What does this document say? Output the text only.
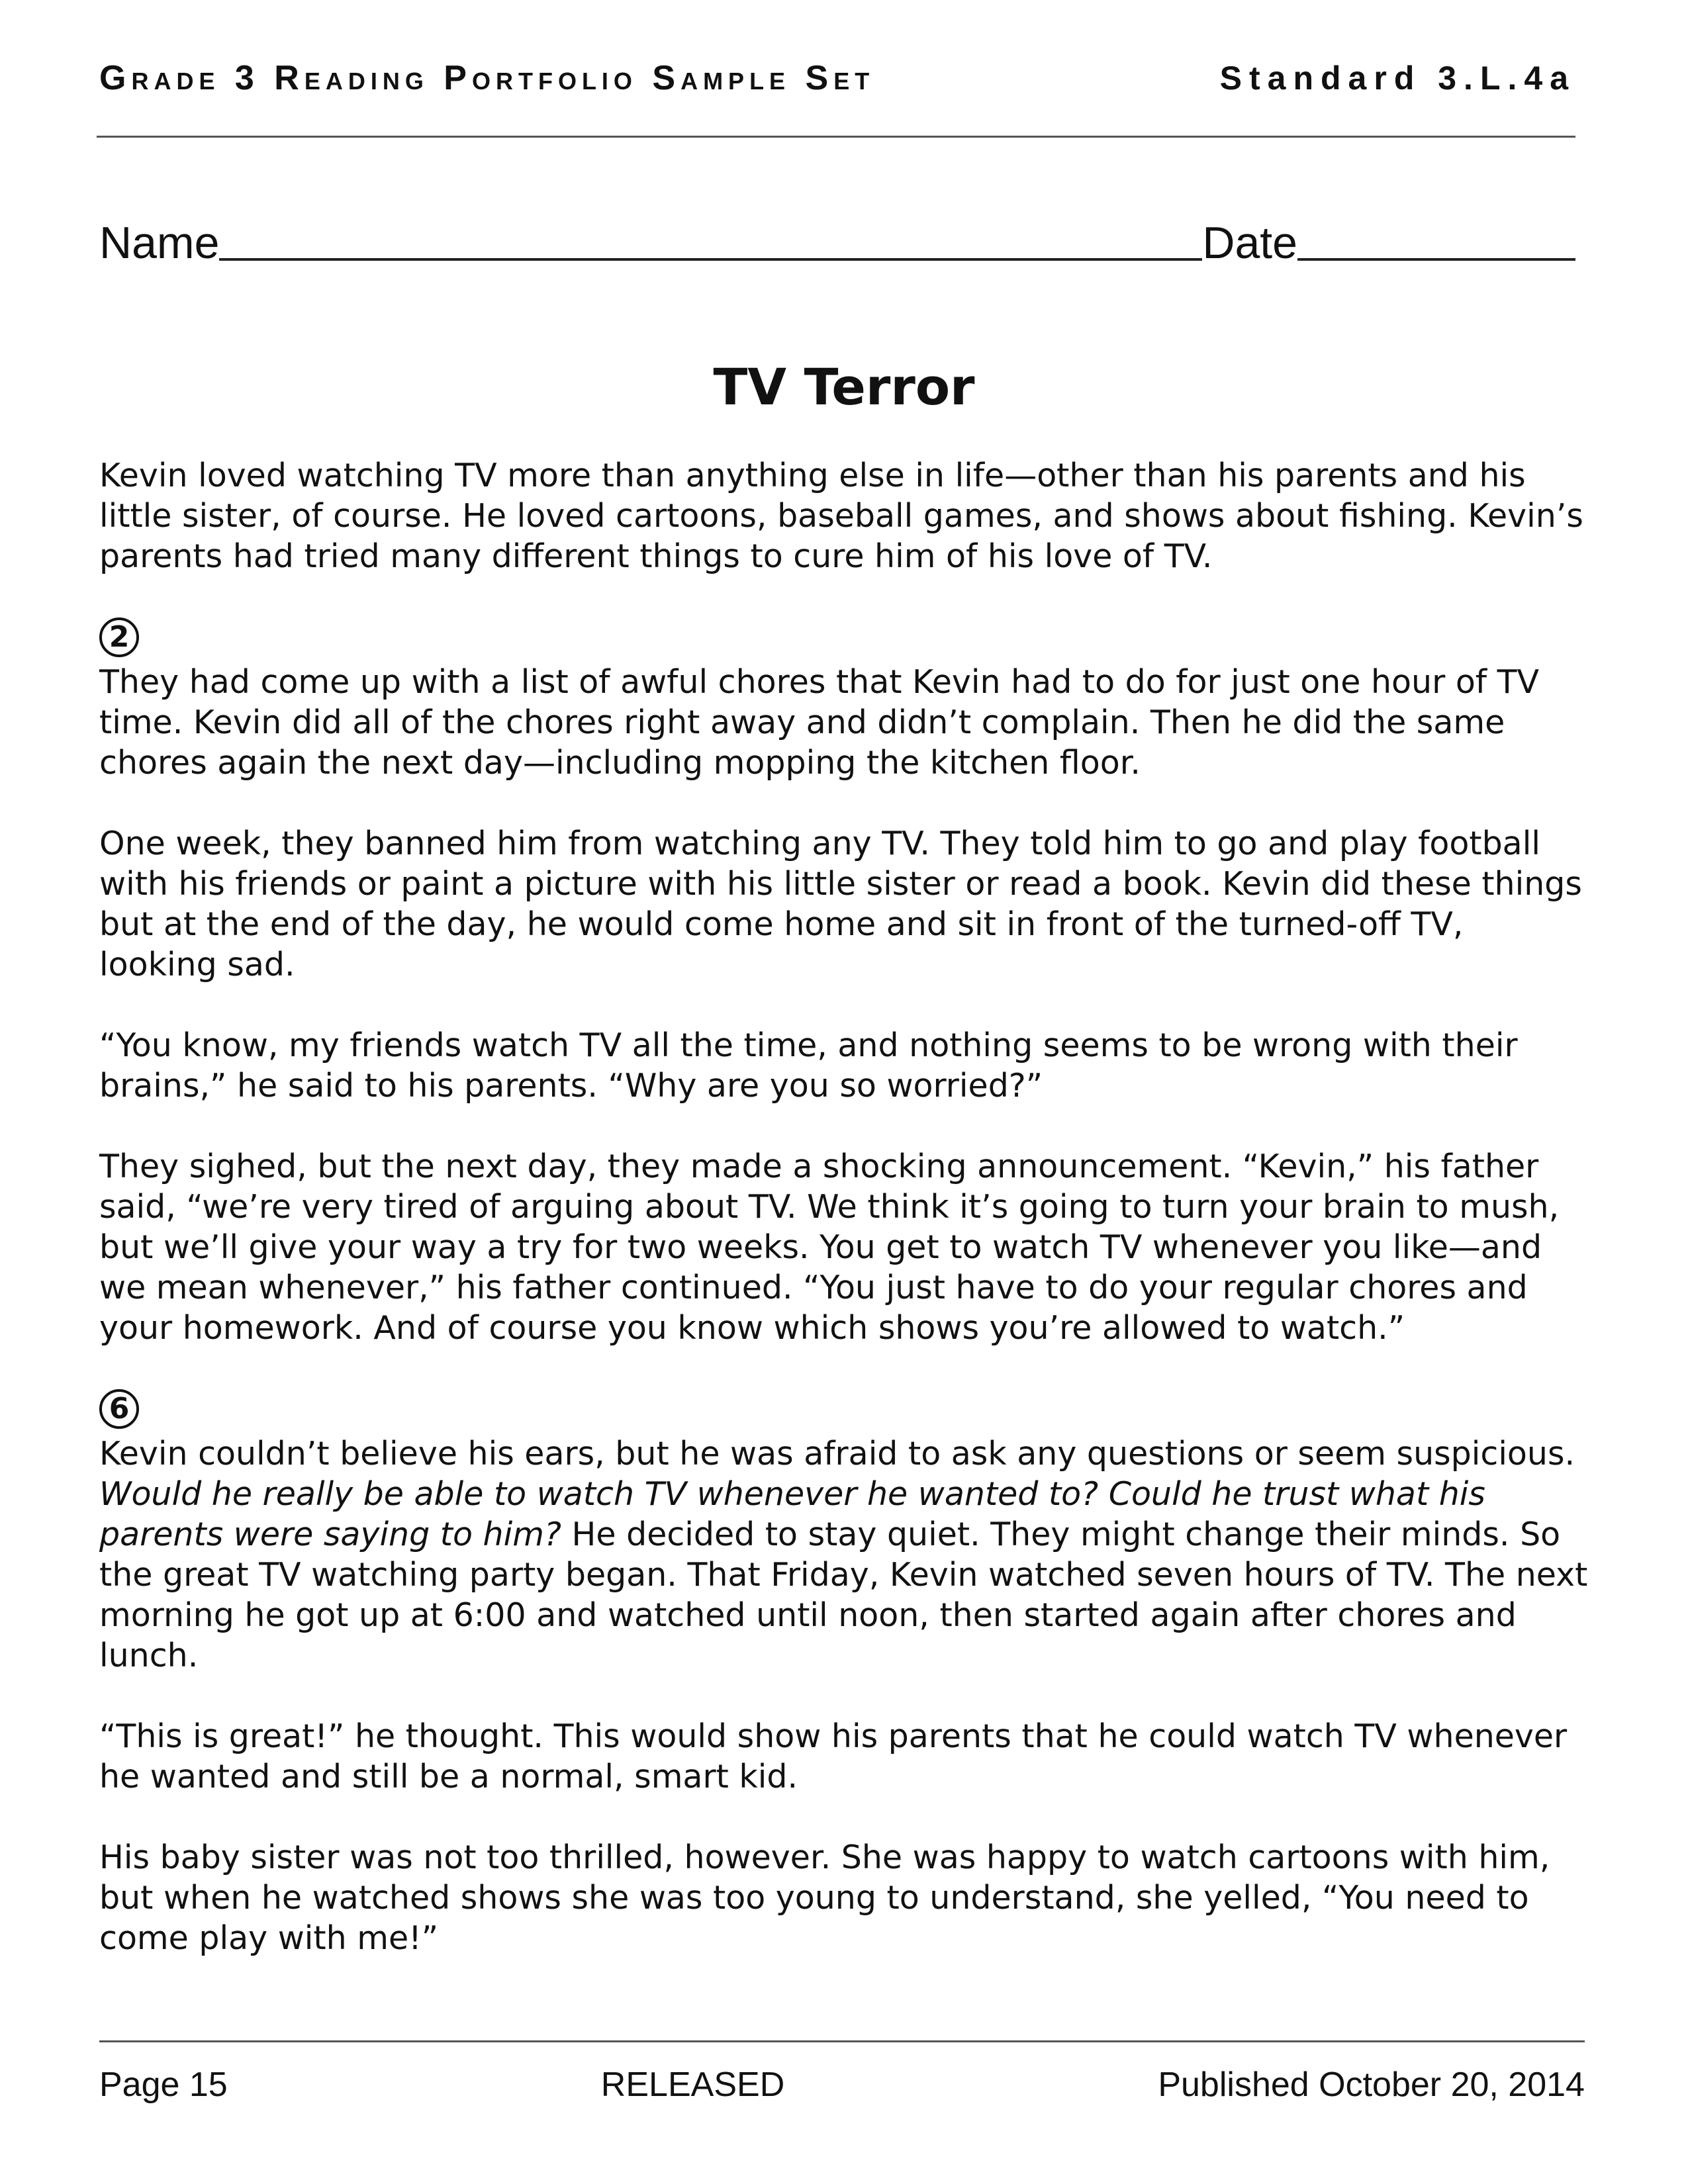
Grade 3 Reading Portfolio Sample Set	Standard 3.L.4a
Name	Date
TV Terror

Kevin loved watching TV more than anything else in life—other than his parents and his little sister, of course. He loved cartoons, baseball games, and shows about fishing. Kevin’s parents had tried many different things to cure him of his love of TV.

2

They had come up with a list of awful chores that Kevin had to do for just one hour of TV time. Kevin did all of the chores right away and didn’t complain. Then he did the same chores again the next day—including mopping the kitchen floor.

One week, they banned him from watching any TV. They told him to go and play football with his friends or paint a picture with his little sister or read a book. Kevin did these things but at the end of the day, he would come home and sit in front of the turned-off TV, looking sad.

“You know, my friends watch TV all the time, and nothing seems to be wrong with their brains,” he said to his parents. “Why are you so worried?”

They sighed, but the next day, they made a shocking announcement. “Kevin,” his father said, “we’re very tired of arguing about TV. We think it’s going to turn your brain to mush, but we’ll give your way a try for two weeks. You get to watch TV whenever you like—and we mean whenever,” his father continued. “You just have to do your regular chores and your homework. And of course you know which shows you’re allowed to watch.”

6

Kevin couldn’t believe his ears, but he was afraid to ask any questions or seem suspicious. Would he really be able to watch TV whenever he wanted to? Could he trust what his parents were saying to him? He decided to stay quiet. They might change their minds. So the great TV watching party began. That Friday, Kevin watched seven hours of TV. The next morning he got up at 6:00 and watched until noon, then started again after chores and lunch.

“This is great!” he thought. This would show his parents that he could watch TV whenever he wanted and still be a normal, smart kid.

His baby sister was not too thrilled, however. She was happy to watch cartoons with him, but when he watched shows she was too young to understand, she yelled, “You need to come play with me!”

Page 15	RELEASED	Published October 20, 2014
